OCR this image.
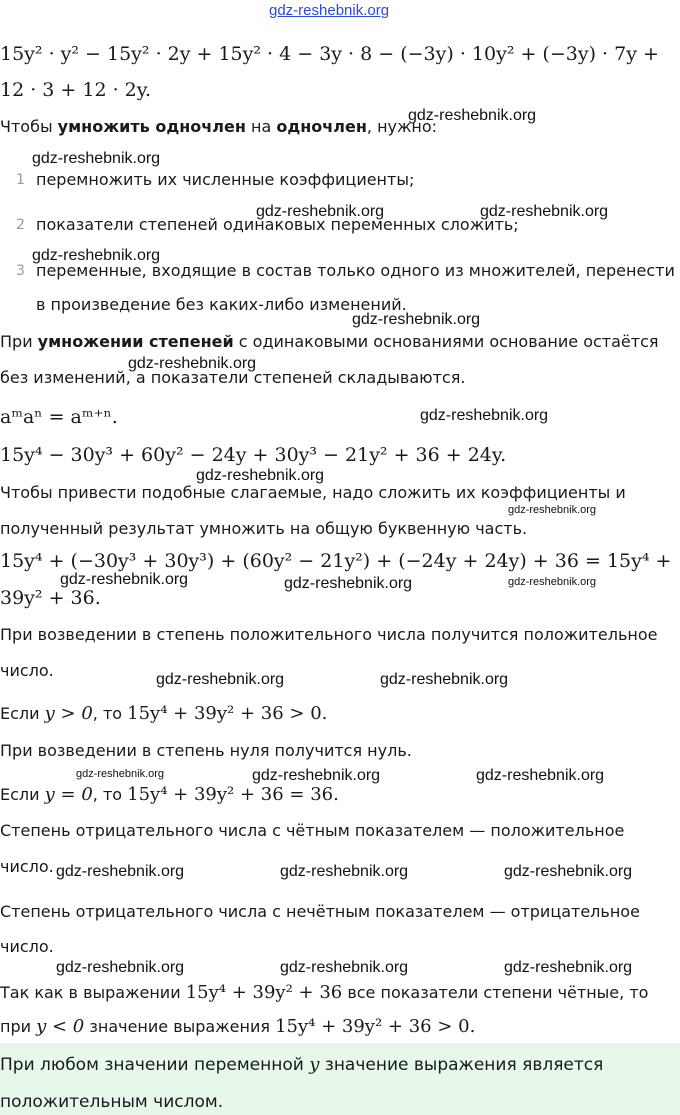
gdz-reshebnik.org
15y² · y² − 15y² · 2y + 15y² · 4 − 3y · 8 − (−3y) · 10y² + (−3y) · 7y +
12 · 3 + 12 · 2y.
Чтобы умножить одночлен на одночлен, нужно:
gdz-reshebnik.org
gdz-reshebnik.org
1 перемножить их численные коэффициенты;
gdz-reshebnik.org	gdz-reshebnik.org
2 показатели степеней одинаковых переменных сложить;
gdz-reshebnik.org
3 переменные, входящие в состав только одного из множителей, перенести
в произведение без каких-либо изменений.
gdz-reshebnik.org
При умножении степеней с одинаковыми основаниями основание остаётся
gdz-reshebnik.org
без изменений, а показатели степеней складываются.
aᵐaⁿ = aᵐ⁺ⁿ.	gdz-reshebnik.org
15y⁴ − 30y³ + 60y² − 24y + 30y³ − 21y² + 36 + 24y.
gdz-reshebnik.org
Чтобы привести подобные слагаемые, надо сложить их коэффициенты и
gdz-reshebnik.org
полученный результат умножить на общую буквенную часть.
15y⁴ + (−30y³ + 30y³) + (60y² − 21y²) + (−24y + 24y) + 36 = 15y⁴ +
gdz-reshebnik.org	gdz-reshebnik.org	gdz-reshebnik.org
39y² + 36.
При возведении в степень положительного числа получится положительное
число.	gdz-reshebnik.org	gdz-reshebnik.org
Если y > 0, то 15y⁴ + 39y² + 36 > 0.
При возведении в степень нуля получится нуль.
gdz-reshebnik.org	gdz-reshebnik.org	gdz-reshebnik.org
Если y = 0, то 15y⁴ + 39y² + 36 = 36.
Степень отрицательного числа с чётным показателем — положительное
число. gdz-reshebnik.org	gdz-reshebnik.org	gdz-reshebnik.org
Степень отрицательного числа с нечётным показателем — отрицательное
число.
gdz-reshebnik.org	gdz-reshebnik.org	gdz-reshebnik.org
Так как в выражении 15y⁴ + 39y² + 36 все показатели степени чётные, то
при y < 0 значение выражения 15y⁴ + 39y² + 36 > 0.
При любом значении переменной y значение выражения является
положительным числом.
